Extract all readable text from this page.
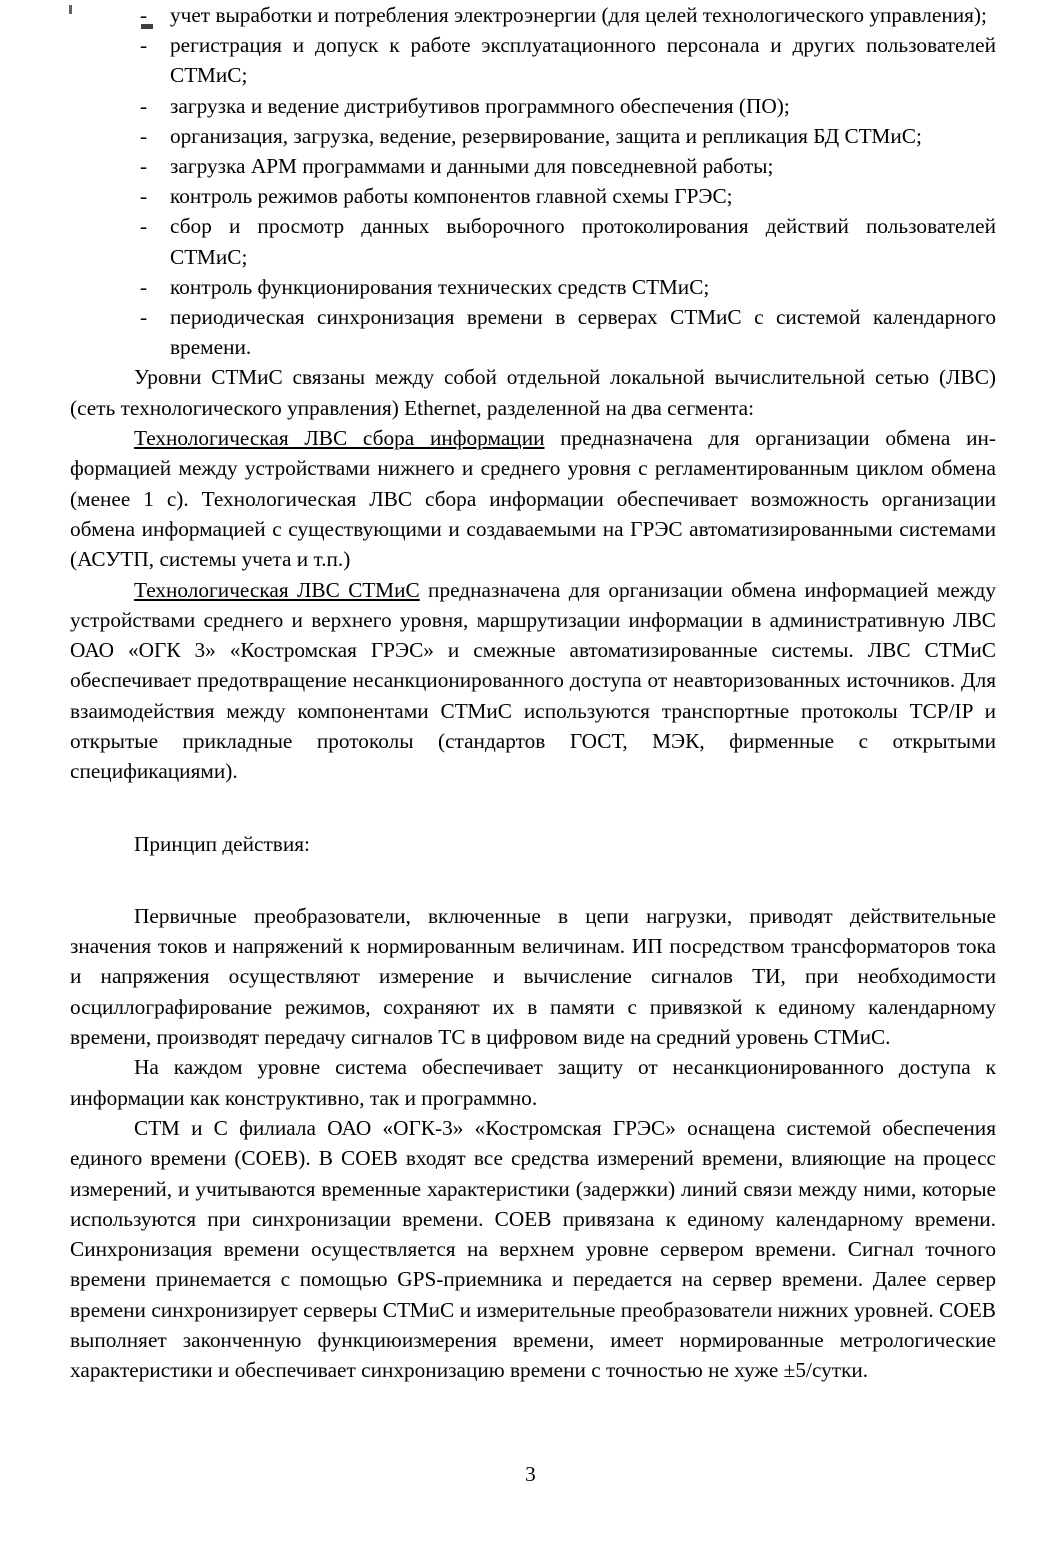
- учет выработки и потребления электроэнергии (для целей технологического управления);
- регистрация и допуск к работе эксплуатационного персонала и других пользователей СТМиС;
- загрузка и ведение дистрибутивов программного обеспечения (ПО);
- организация, загрузка, ведение, резервирование, защита и репликация БД СТМиС;
- загрузка АРМ программами и данными для повседневной работы;
- контроль режимов работы компонентов главной схемы ГРЭС;
- сбор и просмотр данных выборочного протоколирования действий пользователей СТМиС;
- контроль функционирования технических средств СТМиС;
- периодическая синхронизация времени в серверах СТМиС с системой календарного времени.

Уровни СТМиС связаны между собой отдельной локальной вычислительной сетью (ЛВС) (сеть технологического управления) Ethernet, разделенной на два сегмента:

Технологическая ЛВС сбора информации предназначена для организации обмена информацией между устройствами нижнего и среднего уровня с регламентированным циклом обмена (менее 1 с). Технологическая ЛВС сбора информации обеспечивает возможность организации обмена информацией с существующими и создаваемыми на ГРЭС автоматизированными системами (АСУТП, системы учета и т.п.)

Технологическая ЛВС СТМиС предназначена для организации обмена информацией между устройствами среднего и верхнего уровня, маршрутизации информации в административную ЛВС ОАО «ОГК 3» «Костромская ГРЭС» и смежные автоматизированные системы. ЛВС СТМиС обеспечивает предотвращение несанкционированного доступа от неавторизованных источников. Для взаимодействия между компонентами СТМиС используются транспортные протоколы TCP/IP и открытые прикладные протоколы (стандартов ГОСТ, МЭК, фирменные с открытыми спецификациями).

Принцип действия:

Первичные преобразователи, включенные в цепи нагрузки, приводят действительные значения токов и напряжений к нормированным величинам. ИП посредством трансформаторов тока и напряжения осуществляют измерение и вычисление сигналов ТИ, при необходимости осциллографирование режимов, сохраняют их в памяти с привязкой к единому календарному времени, производят передачу сигналов ТС в цифровом виде на средний уровень СТМиС.

На каждом уровне система обеспечивает защиту от несанкционированного доступа к информации как конструктивно, так и программно.

СТМ и С филиала ОАО «ОГК-3» «Костромская ГРЭС» оснащена системой обеспечения единого времени (СОЕВ). В СОЕВ входят все средства измерений времени, влияющие на процесс измерений, и учитываются временные характеристики (задержки) линий связи между ними, которые используются при синхронизации времени. СОЕВ привязана к единому календарному времени. Синхронизация времени осуществляется на верхнем уровне сервером времени. Сигнал точного времени принемается с помощью GPS-приемника и передается на сервер времени. Далее сервер времени синхронизирует серверы СТМиС и измерительные преобразователи нижних уровней. СОЕВ выполняет законченную функциюизмерения времени, имеет нормированные метрологические характеристики и обеспечивает синхронизацию времени с точностью не хуже ±5/сутки.

3
